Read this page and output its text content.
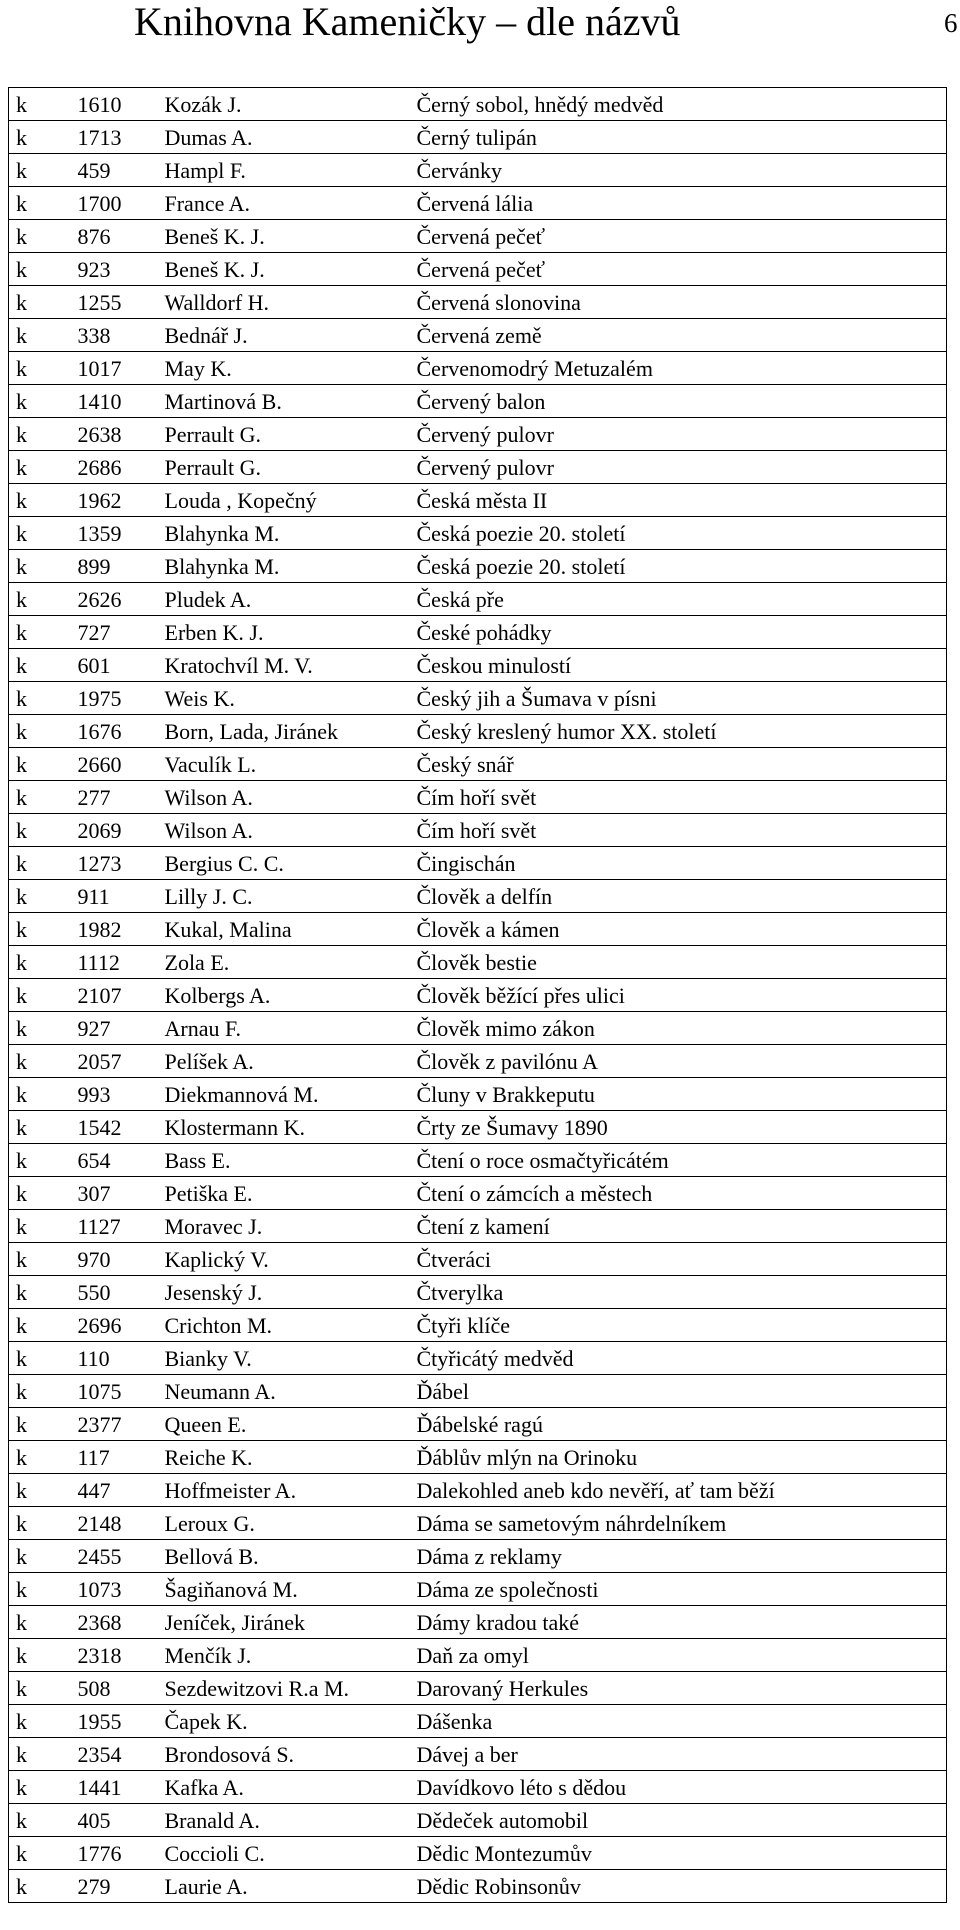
Knihovna Kameničky – dle názvů	6
k	1610	Kozák J.	Černý sobol, hnědý medvěd
k	1713	Dumas A.	Černý tulipán
k	459	Hampl F.	Červánky
k	1700	France A.	Červená lália
k	876	Beneš K. J.	Červená pečeť
k	923	Beneš K. J.	Červená pečeť
k	1255	Walldorf H.	Červená slonovina
k	338	Bednář J.	Červená země
k	1017	May K.	Červenomodrý Metuzalém
k	1410	Martinová B.	Červený balon
k	2638	Perrault G.	Červený pulovr
k	2686	Perrault G.	Červený pulovr
k	1962	Louda , Kopečný	Česká města II
k	1359	Blahynka M.	Česká poezie 20. století
k	899	Blahynka M.	Česká poezie 20. století
k	2626	Pludek A.	Česká pře
k	727	Erben K. J.	České pohádky
k	601	Kratochvíl M. V.	Českou minulostí
k	1975	Weis K.	Český jih a Šumava v písni
k	1676	Born, Lada, Jiránek	Český kreslený humor XX. století
k	2660	Vaculík L.	Český snář
k	277	Wilson A.	Čím hoří svět
k	2069	Wilson A.	Čím hoří svět
k	1273	Bergius C. C.	Čingischán
k	911	Lilly J. C.	Člověk a delfín
k	1982	Kukal, Malina	Člověk a kámen
k	1112	Zola E.	Člověk bestie
k	2107	Kolbergs A.	Člověk běžící přes ulici
k	927	Arnau F.	Člověk mimo zákon
k	2057	Pelíšek A.	Člověk z pavilónu A
k	993	Diekmannová M.	Čluny v Brakkeputu
k	1542	Klostermann K.	Črty ze Šumavy 1890
k	654	Bass E.	Čtení o roce osmačtyřicátém
k	307	Petiška E.	Čtení o zámcích a městech
k	1127	Moravec J.	Čtení z kamení
k	970	Kaplický V.	Čtveráci
k	550	Jesenský J.	Čtverylka
k	2696	Crichton M.	Čtyři klíče
k	110	Bianky V.	Čtyřicátý medvěd
k	1075	Neumann A.	Ďábel
k	2377	Queen E.	Ďábelské ragú
k	117	Reiche K.	Ďáblův mlýn na Orinoku
k	447	Hoffmeister A.	Dalekohled aneb kdo nevěří, ať tam běží
k	2148	Leroux G.	Dáma se sametovým náhrdelníkem
k	2455	Bellová B.	Dáma z reklamy
k	1073	Šagiňanová M.	Dáma ze společnosti
k	2368	Jeníček, Jiránek	Dámy kradou také
k	2318	Menčík J.	Daň za omyl
k	508	Sezdewitzovi R.a M.	Darovaný Herkules
k	1955	Čapek K.	Dášenka
k	2354	Brondosová S.	Dávej a ber
k	1441	Kafka A.	Davídkovo léto s dědou
k	405	Branald A.	Dědeček automobil
k	1776	Coccioli C.	Dědic Montezumův
k	279	Laurie A.	Dědic Robinsonův
